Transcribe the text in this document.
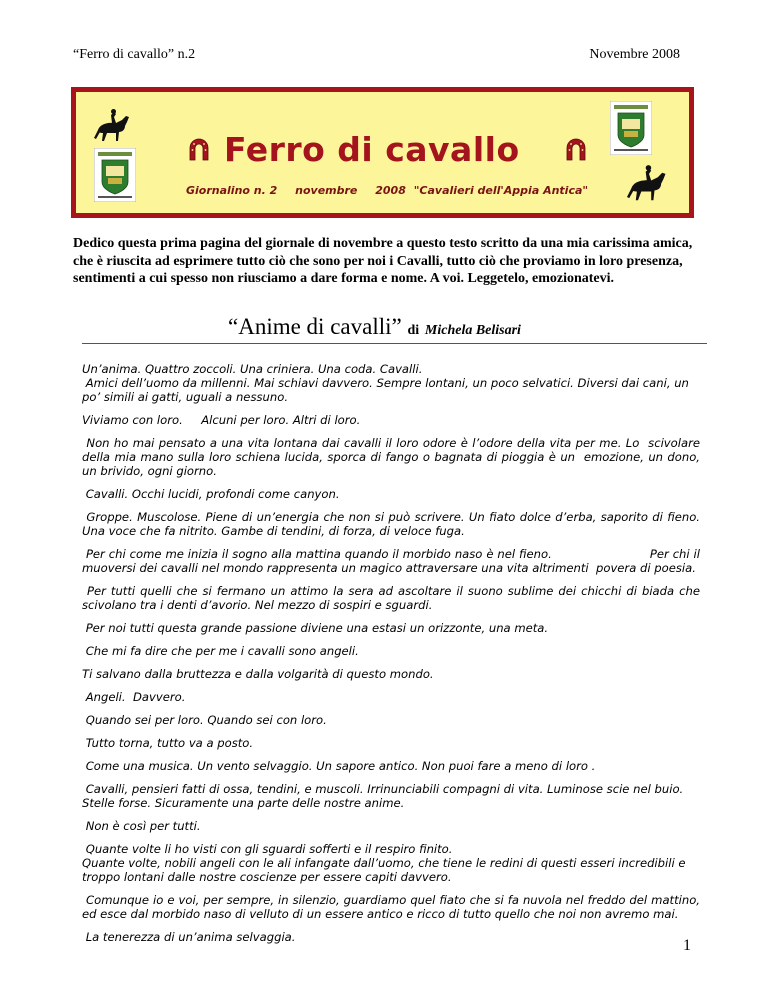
“Ferro di cavallo” n.2	Novembre 2008
Ferro di cavallo
Giornalino n. 2 novembre 2008 "Cavalieri dell'Appia Antica"
Dedico questa prima pagina del giornale di novembre a questo testo scritto da una mia carissima amica, che è riuscita ad esprimere tutto ciò che sono per noi i Cavalli, tutto ciò che proviamo in loro presenza, sentimenti a cui spesso non riusciamo a dare forma e nome. A voi. Leggetelo, emozionatevi.
“Anime di cavalli” di Michela Belisari
Un’anima. Quattro zoccoli. Una criniera. Una coda. Cavalli.
Amici dell’uomo da millenni. Mai schiavi davvero. Sempre lontani, un poco selvatici. Diversi dai cani, un po’ simili ai gatti, uguali a nessuno.
Viviamo con loro.     Alcuni per loro. Altri di loro.
Non ho mai pensato a una vita lontana dai cavalli il loro odore è l’odore della vita per me. Lo  scivolare della mia mano sulla loro schiena lucida, sporca di fango o bagnata di pioggia è un  emozione, un dono, un brivido, ogni giorno.
Cavalli. Occhi lucidi, profondi come canyon.
Groppe. Muscolose. Piene di un’energia che non si può scrivere. Un fiato dolce d’erba, saporito di fieno. Una voce che fa nitrito. Gambe di tendini, di forza, di veloce fuga.
Per chi come me inizia il sogno alla mattina quando il morbido naso è nel fieno.                         Per chi il muoversi dei cavalli nel mondo rappresenta un magico attraversare una vita altrimenti  povera di poesia.
Per tutti quelli che si fermano un attimo la sera ad ascoltare il suono sublime dei chicchi di biada che scivolano tra i denti d’avorio. Nel mezzo di sospiri e sguardi.
Per noi tutti questa grande passione diviene una estasi un orizzonte, una meta.
Che mi fa dire che per me i cavalli sono angeli.
Ti salvano dalla bruttezza e dalla volgarità di questo mondo.
Angeli.  Davvero.
Quando sei per loro. Quando sei con loro.
Tutto torna, tutto va a posto.
Come una musica. Un vento selvaggio. Un sapore antico. Non puoi fare a meno di loro .
Cavalli, pensieri fatti di ossa, tendini, e muscoli. Irrinunciabili compagni di vita. Luminose scie nel buio.
Stelle forse. Sicuramente una parte delle nostre anime.
Non è così per tutti.
Quante volte li ho visti con gli sguardi sofferti e il respiro finito.
Quante volte, nobili angeli con le ali infangate dall’uomo, che tiene le redini di questi esseri incredibili e troppo lontani dalle nostre coscienze per essere capiti davvero.
Comunque io e voi, per sempre, in silenzio, guardiamo quel fiato che si fa nuvola nel freddo del mattino, ed esce dal morbido naso di velluto di un essere antico e ricco di tutto quello che noi non avremo mai.
La tenerezza di un’anima selvaggia.	1
